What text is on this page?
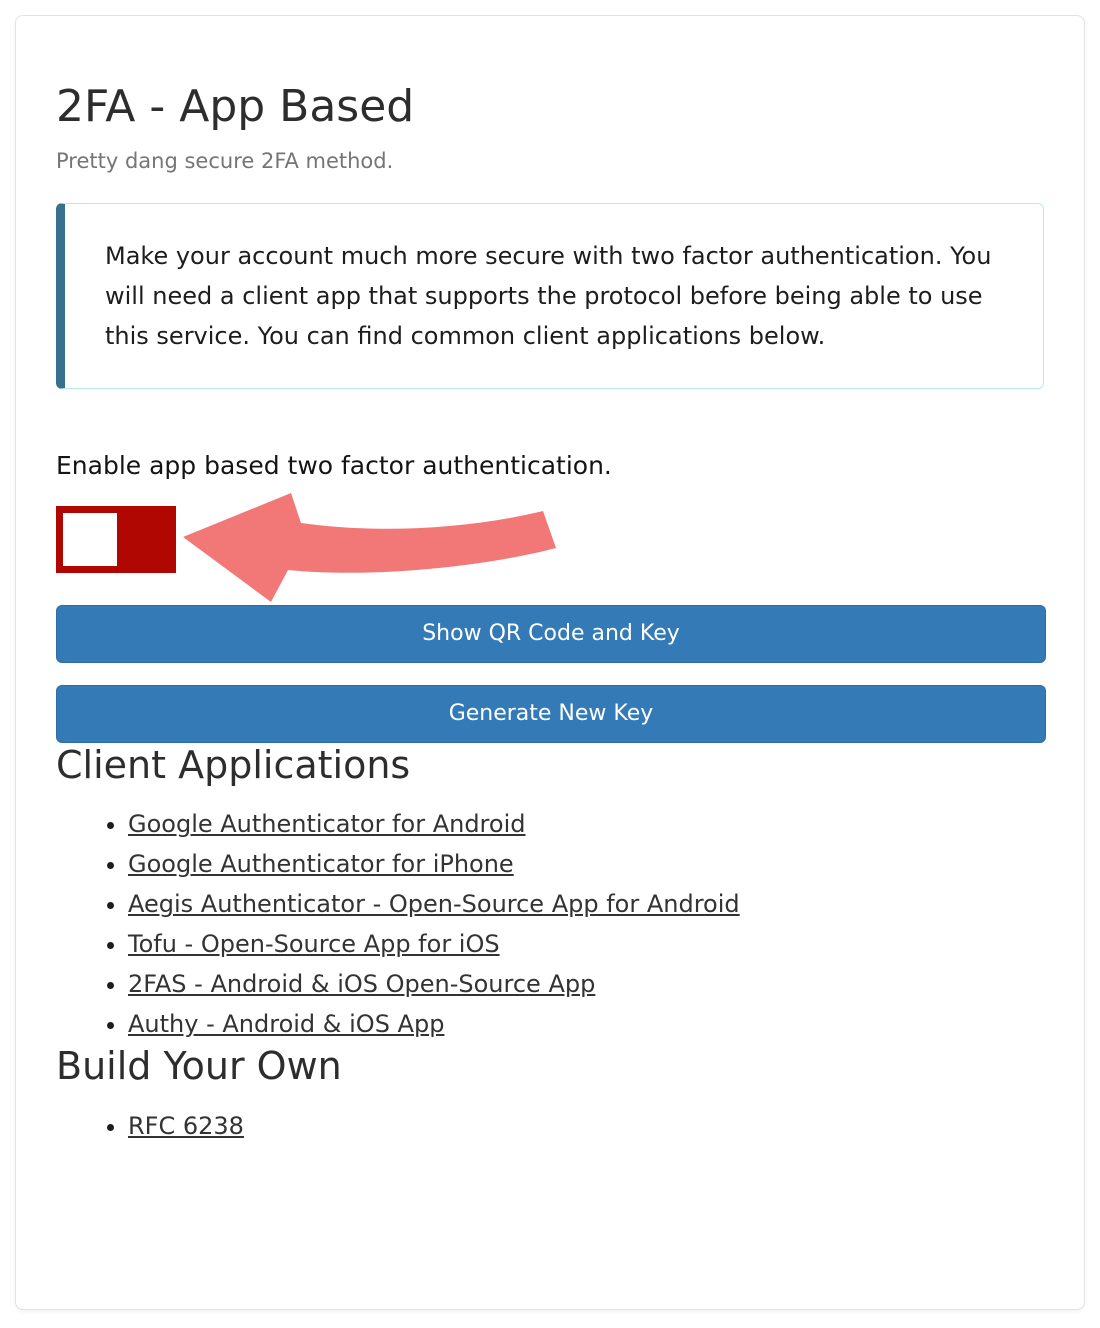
2FA - App Based
Pretty dang secure 2FA method.
Make your account much more secure with two factor authentication. You will need a client app that supports the protocol before being able to use this service. You can find common client applications below.
Enable app based two factor authentication.
Show QR Code and Key
Generate New Key
Client Applications
• Google Authenticator for Android
• Google Authenticator for iPhone
• Aegis Authenticator - Open-Source App for Android
• Tofu - Open-Source App for iOS
• 2FAS - Android & iOS Open-Source App
• Authy - Android & iOS App
Build Your Own
• RFC 6238
